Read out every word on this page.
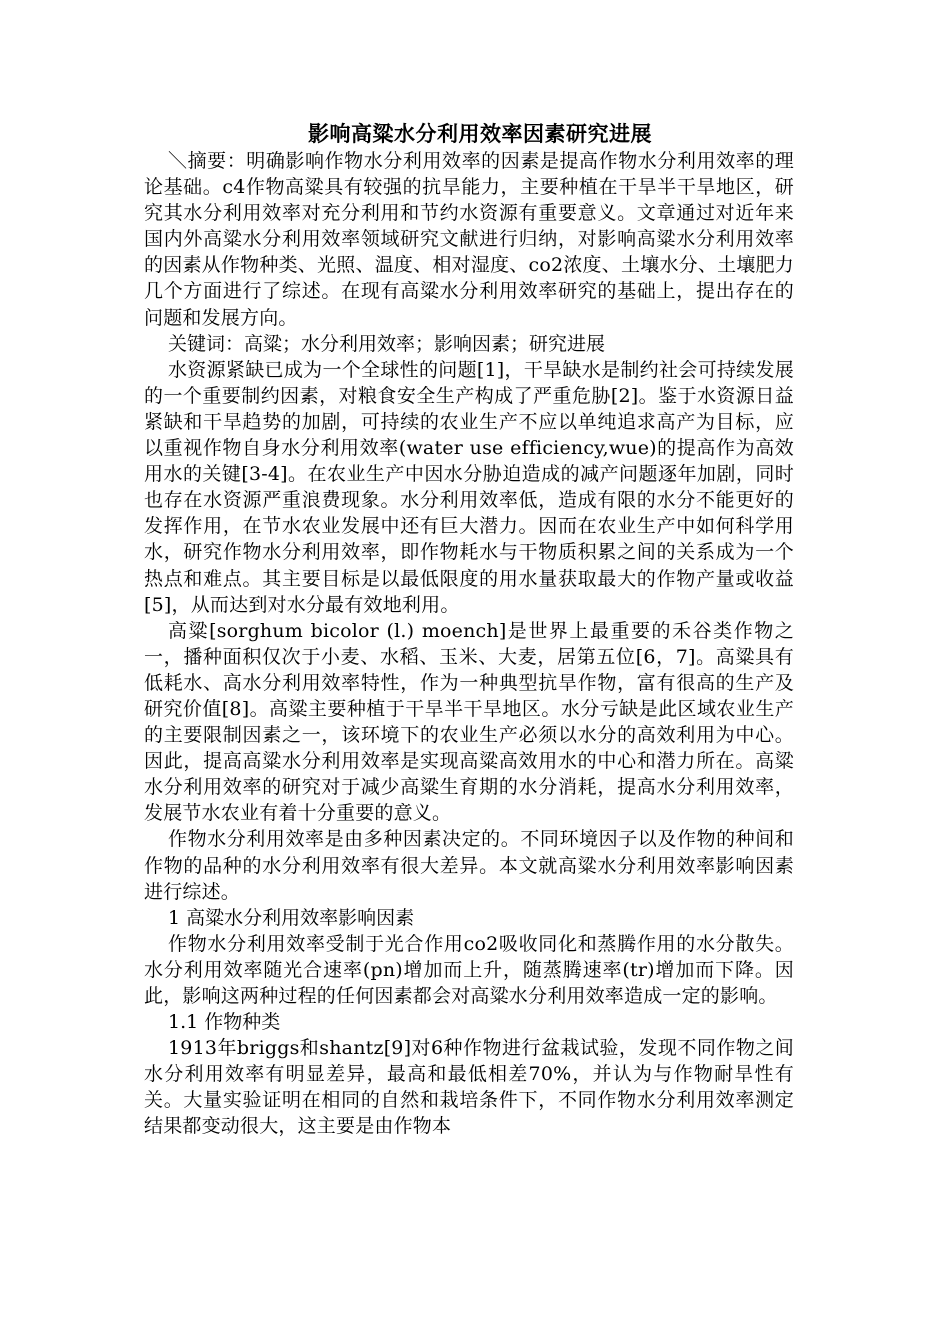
影响高粱水分利用效率因素研究进展

＼摘要：明确影响作物水分利用效率的因素是提高作物水分利用效率的理论基础。c4作物高粱具有较强的抗旱能力，主要种植在干旱半干旱地区，研究其水分利用效率对充分利用和节约水资源有重要意义。文章通过对近年来国内外高粱水分利用效率领域研究文献进行归纳，对影响高粱水分利用效率的因素从作物种类、光照、温度、相对湿度、co2浓度、土壤水分、土壤肥力几个方面进行了综述。在现有高粱水分利用效率研究的基础上，提出存在的问题和发展方向。

关键词：高粱；水分利用效率；影响因素；研究进展

水资源紧缺已成为一个全球性的问题[1]，干旱缺水是制约社会可持续发展的一个重要制约因素，对粮食安全生产构成了严重危胁[2]。鉴于水资源日益紧缺和干旱趋势的加剧，可持续的农业生产不应以单纯追求高产为目标，应以重视作物自身水分利用效率(water use efficiency,wue)的提高作为高效用水的关键[3-4]。在农业生产中因水分胁迫造成的减产问题逐年加剧，同时也存在水资源严重浪费现象。水分利用效率低，造成有限的水分不能更好的发挥作用，在节水农业发展中还有巨大潜力。因而在农业生产中如何科学用水，研究作物水分利用效率，即作物耗水与干物质积累之间的关系成为一个热点和难点。其主要目标是以最低限度的用水量获取最大的作物产量或收益[5]，从而达到对水分最有效地利用。

高粱[sorghum bicolor (l.) moench]是世界上最重要的禾谷类作物之一，播种面积仅次于小麦、水稻、玉米、大麦，居第五位[6，7]。高粱具有低耗水、高水分利用效率特性，作为一种典型抗旱作物，富有很高的生产及研究价值[8]。高粱主要种植于干旱半干旱地区。水分亏缺是此区域农业生产的主要限制因素之一，该环境下的农业生产必须以水分的高效利用为中心。因此，提高高粱水分利用效率是实现高粱高效用水的中心和潜力所在。高粱水分利用效率的研究对于减少高粱生育期的水分消耗，提高水分利用效率，发展节水农业有着十分重要的意义。

作物水分利用效率是由多种因素决定的。不同环境因子以及作物的种间和作物的品种的水分利用效率有很大差异。本文就高粱水分利用效率影响因素进行综述。

1 高粱水分利用效率影响因素

作物水分利用效率受制于光合作用co2吸收同化和蒸腾作用的水分散失。水分利用效率随光合速率(pn)增加而上升，随蒸腾速率(tr)增加而下降。因此，影响这两种过程的任何因素都会对高粱水分利用效率造成一定的影响。

1.1 作物种类

1913年briggs和shantz[9]对6种作物进行盆栽试验，发现不同作物之间水分利用效率有明显差异，最高和最低相差70%，并认为与作物耐旱性有关。大量实验证明在相同的自然和栽培条件下，不同作物水分利用效率测定结果都变动很大，这主要是由作物本
